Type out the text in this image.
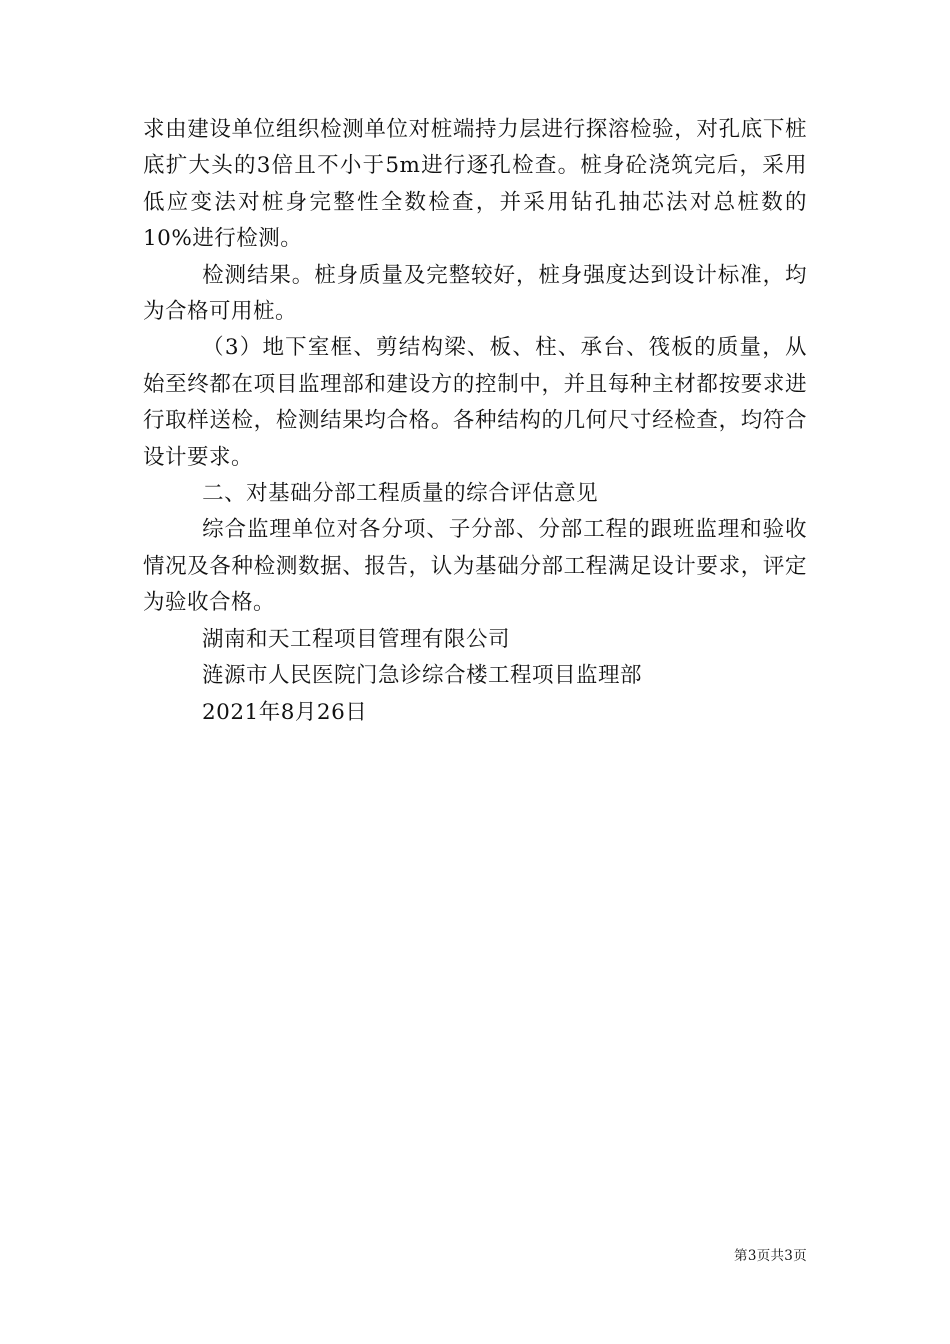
求由建设单位组织检测单位对桩端持力层进行探溶检验，对孔底下桩底扩大头的3倍且不小于5m进行逐孔检查。桩身砼浇筑完后，采用低应变法对桩身完整性全数检查，并采用钻孔抽芯法对总桩数的10%进行检测。

检测结果。桩身质量及完整较好，桩身强度达到设计标准，均为合格可用桩。

（3）地下室框、剪结构梁、板、柱、承台、筏板的质量，从始至终都在项目监理部和建设方的控制中，并且每种主材都按要求进行取样送检，检测结果均合格。各种结构的几何尺寸经检查，均符合设计要求。

二、对基础分部工程质量的综合评估意见

综合监理单位对各分项、子分部、分部工程的跟班监理和验收情况及各种检测数据、报告，认为基础分部工程满足设计要求，评定为验收合格。

湖南和天工程项目管理有限公司

涟源市人民医院门急诊综合楼工程项目监理部

2021年8月26日

第3页共3页
